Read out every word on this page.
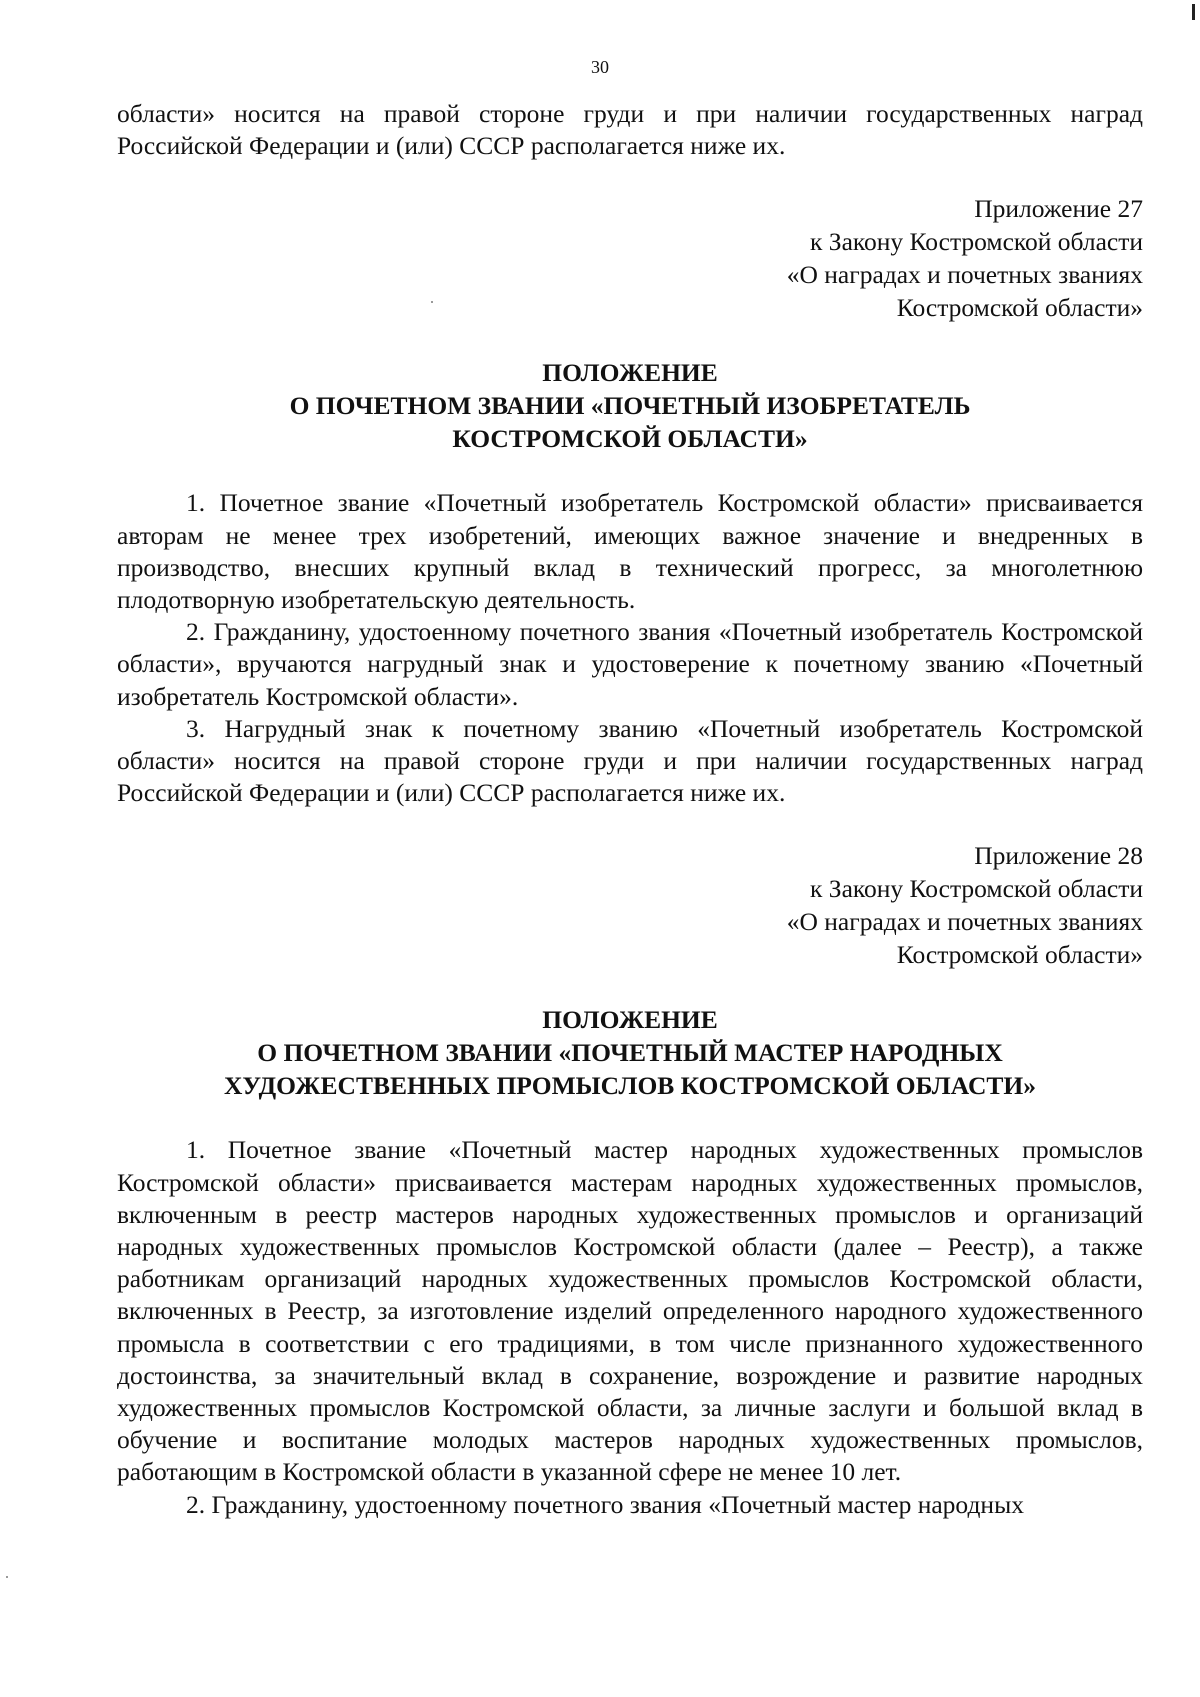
30

области» носится на правой стороне груди и при наличии государственных наград Российской Федерации и (или) СССР располагается ниже их.

Приложение 27
к Закону Костромской области
«О наградах и почетных званиях
Костромской области»
ПОЛОЖЕНИЕ
О ПОЧЕТНОМ ЗВАНИИ «ПОЧЕТНЫЙ ИЗОБРЕТАТЕЛЬ
КОСТРОМСКОЙ ОБЛАСТИ»

1. Почетное звание «Почетный изобретатель Костромской области» присваивается авторам не менее трех изобретений, имеющих важное значение и внедренных в производство, внесших крупный вклад в технический прогресс, за многолетнюю плодотворную изобретательскую деятельность.

2. Гражданину, удостоенному почетного звания «Почетный изобретатель Костромской области», вручаются нагрудный знак и удостоверение к почетному званию «Почетный изобретатель Костромской области».

3. Нагрудный знак к почетному званию «Почетный изобретатель Костромской области» носится на правой стороне груди и при наличии государственных наград Российской Федерации и (или) СССР располагается ниже их.

Приложение 28
к Закону Костромской области
«О наградах и почетных званиях
Костромской области»
ПОЛОЖЕНИЕ
О ПОЧЕТНОМ ЗВАНИИ «ПОЧЕТНЫЙ МАСТЕР НАРОДНЫХ
ХУДОЖЕСТВЕННЫХ ПРОМЫСЛОВ КОСТРОМСКОЙ ОБЛАСТИ»

1. Почетное звание «Почетный мастер народных художественных промыслов Костромской области» присваивается мастерам народных художественных промыслов, включенным в реестр мастеров народных художественных промыслов и организаций народных художественных промыслов Костромской области (далее – Реестр), а также работникам организаций народных художественных промыслов Костромской области, включенных в Реестр, за изготовление изделий определенного народного художественного промысла в соответствии с его традициями, в том числе признанного художественного достоинства, за значительный вклад в сохранение, возрождение и развитие народных художественных промыслов Костромской области, за личные заслуги и большой вклад в обучение и воспитание молодых мастеров народных художественных промыслов, работающим в Костромской области в указанной сфере не менее 10 лет.

2. Гражданину, удостоенному почетного звания «Почетный мастер народных
